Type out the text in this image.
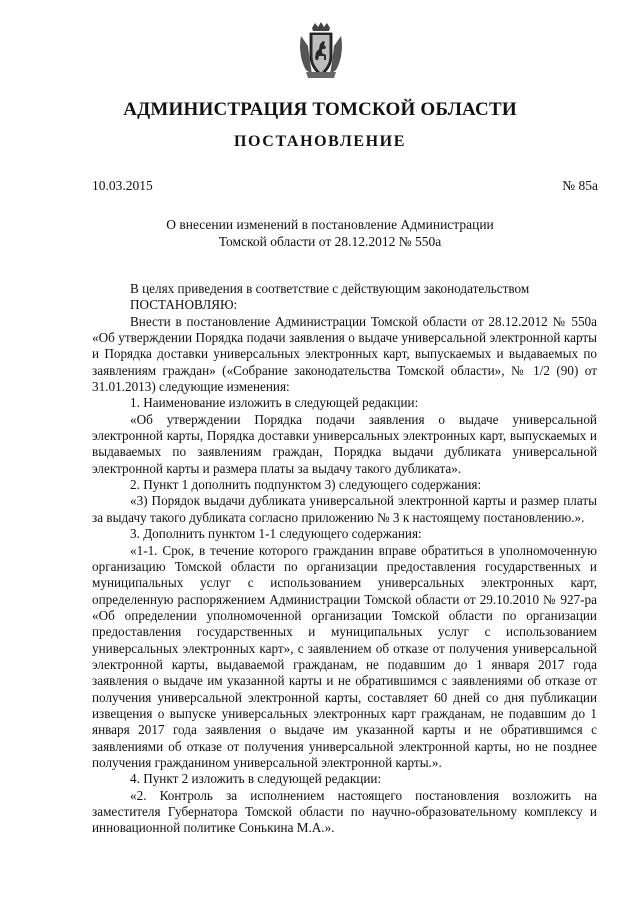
АДМИНИСТРАЦИЯ ТОМСКОЙ ОБЛАСТИ
ПОСТАНОВЛЕНИЕ
10.03.2015	№ 85а

О внесении изменений в постановление Администрации
Томской области от 28.12.2012 № 550а

В целях приведения в соответствие с действующим законодательством

ПОСТАНОВЛЯЮ:

Внести в постановление Администрации Томской области от 28.12.2012 № 550а «Об утверждении Порядка подачи заявления о выдаче универсальной электронной карты и Порядка доставки универсальных электронных карт, выпускаемых и выдаваемых по заявлениям граждан» («Собрание законодательства Томской области», № 1/2 (90) от 31.01.2013) следующие изменения:

1. Наименование изложить в следующей редакции:

«Об утверждении Порядка подачи заявления о выдаче универсальной электронной карты, Порядка доставки универсальных электронных карт, выпускаемых и выдаваемых по заявлениям граждан, Порядка выдачи дубликата универсальной электронной карты и размера платы за выдачу такого дубликата».

2. Пункт 1 дополнить подпунктом 3) следующего содержания:

«3) Порядок выдачи дубликата универсальной электронной карты и размер платы за выдачу такого дубликата согласно приложению № 3 к настоящему постановлению.».

3. Дополнить пунктом 1-1 следующего содержания:

«1-1. Срок, в течение которого гражданин вправе обратиться в уполномоченную организацию Томской области по организации предоставления государственных и муниципальных услуг с использованием универсальных электронных карт, определенную распоряжением Администрации Томской области от 29.10.2010 № 927-ра «Об определении уполномоченной организации Томской области по организации предоставления государственных и муниципальных услуг с использованием универсальных электронных карт», с заявлением об отказе от получения универсальной электронной карты, выдаваемой гражданам, не подавшим до 1 января 2017 года заявления о выдаче им указанной карты и не обратившимся с заявлениями об отказе от получения универсальной электронной карты, составляет 60 дней со дня публикации извещения о выпуске универсальных электронных карт гражданам, не подавшим до 1 января 2017 года заявления о выдаче им указанной карты и не обратившимся с заявлениями об отказе от получения универсальной электронной карты, но не позднее получения гражданином универсальной электронной карты.».

4. Пункт 2 изложить в следующей редакции:

«2. Контроль за исполнением настоящего постановления возложить на заместителя Губернатора Томской области по научно-образовательному комплексу и инновационной политике Сонькина М.А.».
